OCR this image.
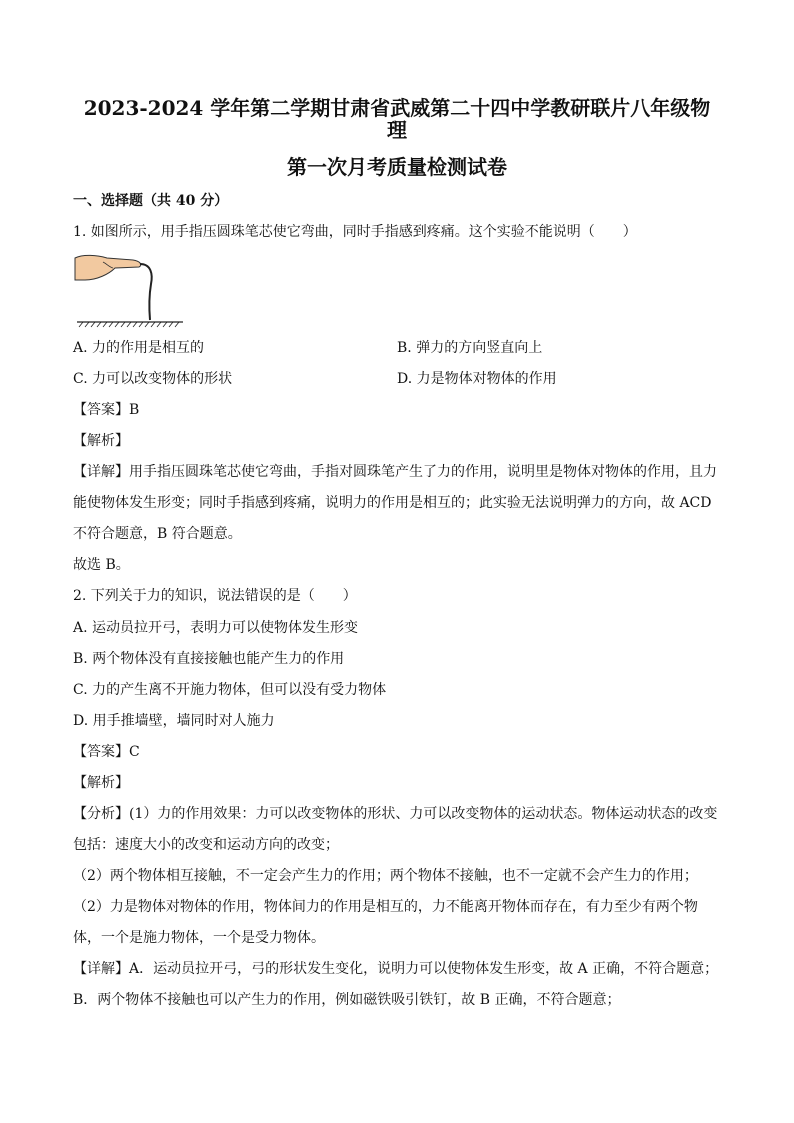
2023-2024 学年第二学期甘肃省武威第二十四中学教研联片八年级物
理
第一次月考质量检测试卷
一、选择题（共 40 分）
1. 如图所示，用手指压圆珠笔芯使它弯曲，同时手指感到疼痛。这个实验不能说明（　　）
A. 力的作用是相互的	B. 弹力的方向竖直向上
C. 力可以改变物体的形状	D. 力是物体对物体的作用
【答案】B
【解析】
【详解】用手指压圆珠笔芯使它弯曲，手指对圆珠笔产生了力的作用，说明里是物体对物体的作用，且力
能使物体发生形变；同时手指感到疼痛，说明力的作用是相互的；此实验无法说明弹力的方向，故 ACD
不符合题意，B 符合题意。
故选 B。
2. 下列关于力的知识，说法错误的是（　　）
A. 运动员拉开弓，表明力可以使物体发生形变
B. 两个物体没有直接接触也能产生力的作用
C. 力的产生离不开施力物体，但可以没有受力物体
D. 用手推墙壁，墙同时对人施力
【答案】C
【解析】
【分析】(1）力的作用效果：力可以改变物体的形状、力可以改变物体的运动状态。物体运动状态的改变
包括：速度大小的改变和运动方向的改变；
（2）两个物体相互接触，不一定会产生力的作用；两个物体不接触，也不一定就不会产生力的作用；
（2）力是物体对物体的作用，物体间力的作用是相互的，力不能离开物体而存在，有力至少有两个物
体，一个是施力物体，一个是受力物体。
【详解】A．运动员拉开弓，弓的形状发生变化，说明力可以使物体发生形变，故 A 正确，不符合题意；
B．两个物体不接触也可以产生力的作用，例如磁铁吸引铁钉，故 B 正确，不符合题意；
